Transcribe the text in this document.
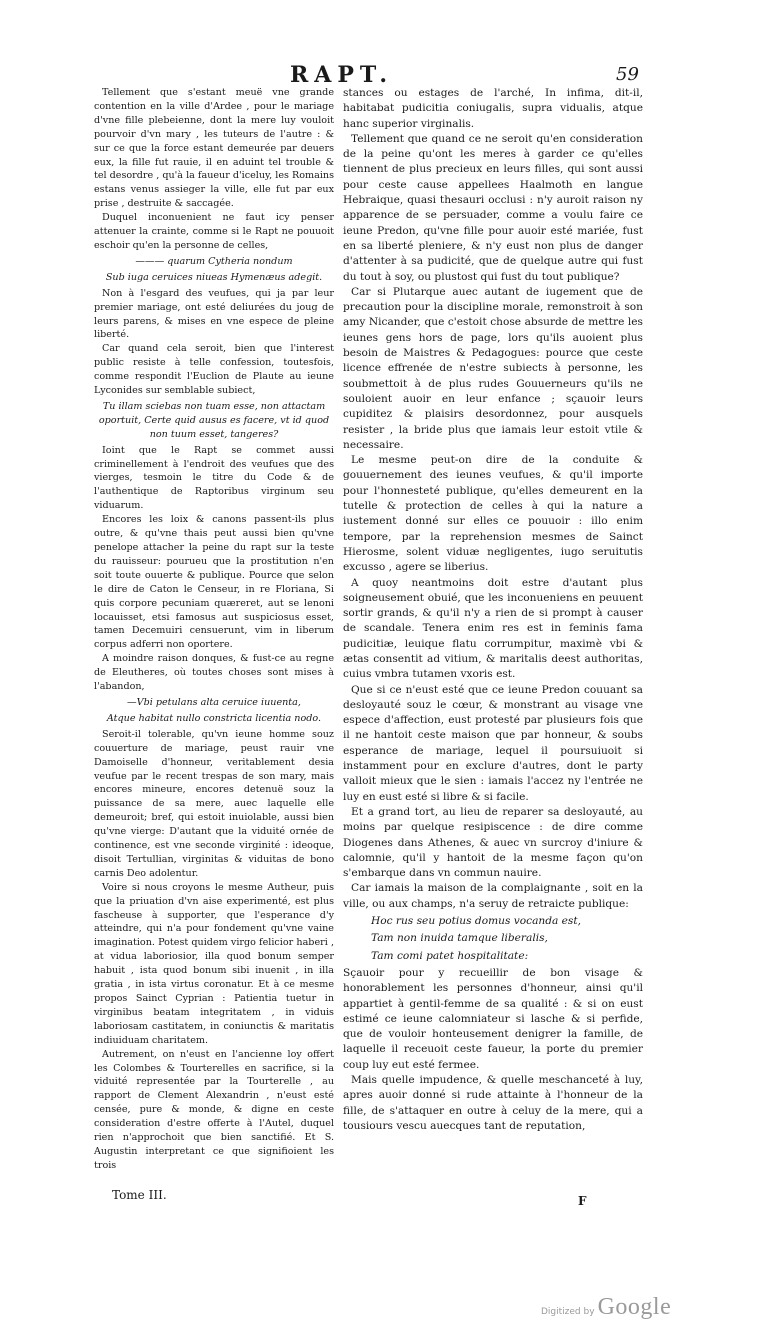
RAPT.	59

Tellement que s'estant meuë vne grande contention en la ville d'Ardee , pour le mariage d'vne fille plebeienne, dont la mere luy vouloit pourvoir d'vn mary , les tuteurs de l'autre : & sur ce que la force estant demeurée par deuers eux, la fille fut rauie, il en aduint tel trouble & tel desordre , qu'à la faueur d'iceluy, les Romains estans venus assieger la ville, elle fut par eux prise , destruite & saccagée.

Duquel inconuenient ne faut icy penser attenuer la crainte, comme si le Rapt ne pouuoit eschoir qu'en la personne de celles,

——— quarum Cytheria nondum
Sub iuga ceruices niueas Hymenæus adegit.

Non à l'esgard des veufues, qui ja par leur premier mariage, ont esté deliurées du joug de leurs parens, & mises en vne espece de pleine liberté.

Car quand cela seroit, bien que l'interest public resiste à telle confession, toutesfois, comme respondit l'Euclion de Plaute au ieune Lyconides sur semblable subiect,

Tu illam sciebas non tuam esse, non attactam oportuit, Certe quid ausus es facere, vt id quod non tuum esset, tangeres?

Ioint que le Rapt se commet aussi criminellement à l'endroit des veufues que des vierges, tesmoin le titre du Code & de l'authentique de Raptoribus virginum seu viduarum.

Encores les loix & canons passent-ils plus outre, & qu'vne thais peut aussi bien qu'vne penelope attacher la peine du rapt sur la teste du rauisseur: pourueu que la prostitution n'en soit toute ouuerte & publique. Pource que selon le dire de Caton le Censeur, in re Floriana, Si quis corpore pecuniam quæreret, aut se lenoni locauisset, etsi famosus aut suspiciosus esset, tamen Decemuiri censuerunt, vim in liberum corpus adferri non oportere.

A moindre raison donques, & fust-ce au regne de Eleutheres, où toutes choses sont mises à l'abandon,

—Vbi petulans alta ceruice iuuenta,
Atque habitat nullo constricta licentia nodo.

Seroit-il tolerable, qu'vn ieune homme souz couuerture de mariage, peust rauir vne Damoiselle d'honneur, veritablement desia veufue par le recent trespas de son mary, mais encores mineure, encores detenuë souz la puissance de sa mere, auec laquelle elle demeuroit; bref, qui estoit inuiolable, aussi bien qu'vne vierge: D'autant que la viduité ornée de continence, est vne seconde virginité : ideoque, disoit Tertullian, virginitas & viduitas de bono carnis Deo adolentur.

Voire si nous croyons le mesme Autheur, puis que la priuation d'vn aise experimenté, est plus fascheuse à supporter, que l'esperance d'y atteindre, qui n'a pour fondement qu'vne vaine imagination. Potest quidem virgo felicior haberi , at vidua laboriosior, illa quod bonum semper habuit , ista quod bonum sibi inuenit , in illa gratia , in ista virtus coronatur. Et à ce mesme propos Sainct Cyprian : Patientia tuetur in virginibus beatam integritatem , in viduis laboriosam castitatem, in coniunctis & maritatis indiuiduam charitatem.

Autrement, on n'eust en l'ancienne loy offert les Colombes & Tourterelles en sacrifice, si la viduité representée par la Tourterelle , au rapport de Clement Alexandrin , n'eust esté censée, pure & monde, & digne en ceste consideration d'estre offerte à l'Autel, duquel rien n'approchoit que bien sanctifié. Et S. Augustin interpretant ce que signifioient les trois

stances ou estages de l'arché, In infima, dit-il, habitabat pudicitia coniugalis, supra vidualis, atque hanc superior virginalis.

Tellement que quand ce ne seroit qu'en consideration de la peine qu'ont les meres à garder ce qu'elles tiennent de plus precieux en leurs filles, qui sont aussi pour ceste cause appellees Haalmoth en langue Hebraique, quasi thesauri occlusi : n'y auroit raison ny apparence de se persuader, comme a voulu faire ce ieune Predon, qu'vne fille pour auoir esté mariée, fust en sa liberté pleniere, & n'y eust non plus de danger d'attenter à sa pudicité, que de quelque autre qui fust du tout à soy, ou plustost qui fust du tout publique?

Car si Plutarque auec autant de iugement que de precaution pour la discipline morale, remonstroit à son amy Nicander, que c'estoit chose absurde de mettre les ieunes gens hors de page, lors qu'ils auoient plus besoin de Maistres & Pedagogues: pource que ceste licence effrenée de n'estre subiects à personne, les soubmettoit à de plus rudes Gouuerneurs qu'ils ne souloient auoir en leur enfance ; sçauoir leurs cupiditez & plaisirs desordonnez, pour ausquels resister , la bride plus que iamais leur estoit vtile & necessaire.

Le mesme peut-on dire de la conduite & gouuernement des ieunes veufues, & qu'il importe pour l'honnesteté publique, qu'elles demeurent en la tutelle & protection de celles à qui la nature a iustement donné sur elles ce pouuoir : illo enim tempore, par la reprehension mesmes de Sainct Hierosme, solent viduæ negligentes, iugo seruitutis excusso , agere se liberius.

A quoy neantmoins doit estre d'autant plus soigneusement obuié, que les inconueniens en peuuent sortir grands, & qu'il n'y a rien de si prompt à causer de scandale. Tenera enim res est in feminis fama pudicitiæ, leuique flatu corrumpitur, maximè vbi & ætas consentit ad vitium, & maritalis deest authoritas, cuius vmbra tutamen vxoris est.

Que si ce n'eust esté que ce ieune Predon couuant sa desloyauté souz le cœur, & monstrant au visage vne espece d'affection, eust protesté par plusieurs fois que il ne hantoit ceste maison que par honneur, & soubs esperance de mariage, lequel il poursuiuoit si instamment pour en exclure d'autres, dont le party valloit mieux que le sien : iamais l'accez ny l'entrée ne luy en eust esté si libre & si facile.

Et a grand tort, au lieu de reparer sa desloyauté, au moins par quelque resipiscence : de dire comme Diogenes dans Athenes, & auec vn surcroy d'iniure & calomnie, qu'il y hantoit de la mesme façon qu'on s'embarque dans vn commun nauire.

Car iamais la maison de la complaignante , soit en la ville, ou aux champs, n'a seruy de retraicte publique:

Hoc rus seu potius domus vocanda est,
Tam non inuida tamque liberalis,
Tam comi patet hospitalitate:

Sçauoir pour y recueillir de bon visage & honorablement les personnes d'honneur, ainsi qu'il appartiet à gentil-femme de sa qualité : & si on eust estimé ce ieune calomniateur si lasche & si perfide, que de vouloir honteusement denigrer la famille, de laquelle il receuoit ceste faueur, la porte du premier coup luy eut esté fermee.

Mais quelle impudence, & quelle meschanceté à luy, apres auoir donné si rude attainte à l'honneur de la fille, de s'attaquer en outre à celuy de la mere, qui a tousiours vescu auecques tant de reputation,

Tome III.	F
Digitized by Google
